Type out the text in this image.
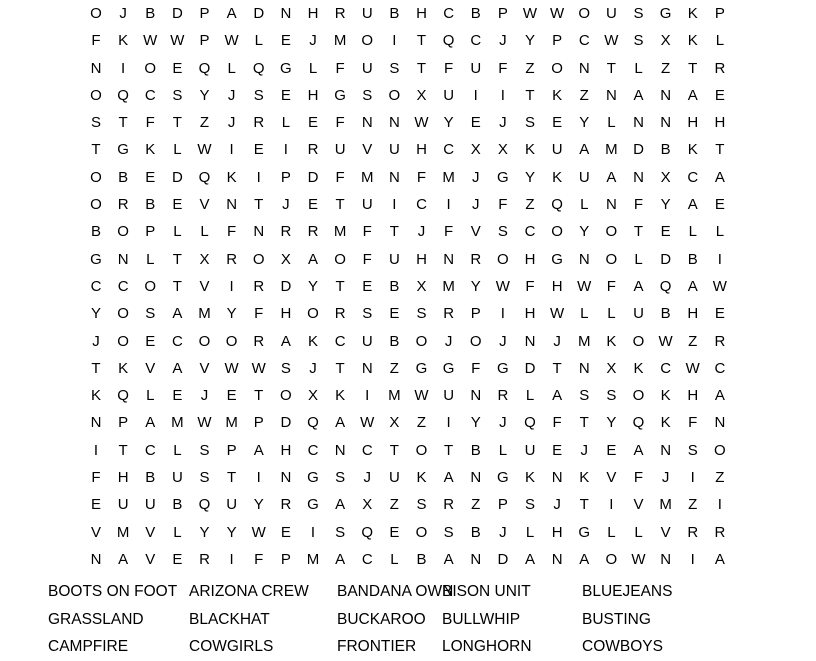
O J B D P A D N H R U B H C B P W W O U S G K P
F K W W P W L E J M O	I	T Q C J Y P C W S X K L
N	I	O E Q L Q G L F U S T F U F Z O N T L Z T R
O Q C S Y J S E H G S O X U	I	I	T K Z N A N A E
S T F T Z J R L E F N N W Y E J S E Y L N N H H
T G K L W	I	E	I	R U V U H C X X K U A M D B K T
O B E D Q K	I	P D F M N F M J G Y K U A N X C A
O R B E V N T J E T U	I	C	I	J F Z Q L N F Y A E
B O P L L F N R R M F T J F V S C O Y O T E L L
G N L T X R O X A O F U H N R O H G N O L D B	I
C C O T V	I	R D Y T E B X M Y W F H W F A Q A W
Y O S A M Y F H O R S E S R P	I	H W L L U B H E
J O E C O O R A K C U B O J O J N J M K O W Z R
T K V A V W W S J T N Z G G F G D T N X K C W C
K Q L E J E T O X K	I	M W U N R L A S S O K H A
N P A M W M P D Q A W X Z	I	Y J Q F T Y Q K F N
I	T C L S P A H C N C T O T B L U E J E A N S O
F H B U S T	I	N G S J U K A N G K N K V F J	I	Z
E U U B Q U Y R G A X Z S R Z P S J T	I	V M Z	I
V M V L Y Y W E	I	S Q E O S B J L H G L L V R R
N A V E R	I	F P M A C L B A N D A N A O W N	I	A
BOOTS ON FOOT
GRASSLAND
CAMPFIRE
ARIZONA CREW
BLACKHAT
COWGIRLS
BANDANA OWN
BUCKAROO
FRONTIER
BISON UNIT
BULLWHIP
LONGHORN
BLUEJEANS
BUSTING
COWBOYS
